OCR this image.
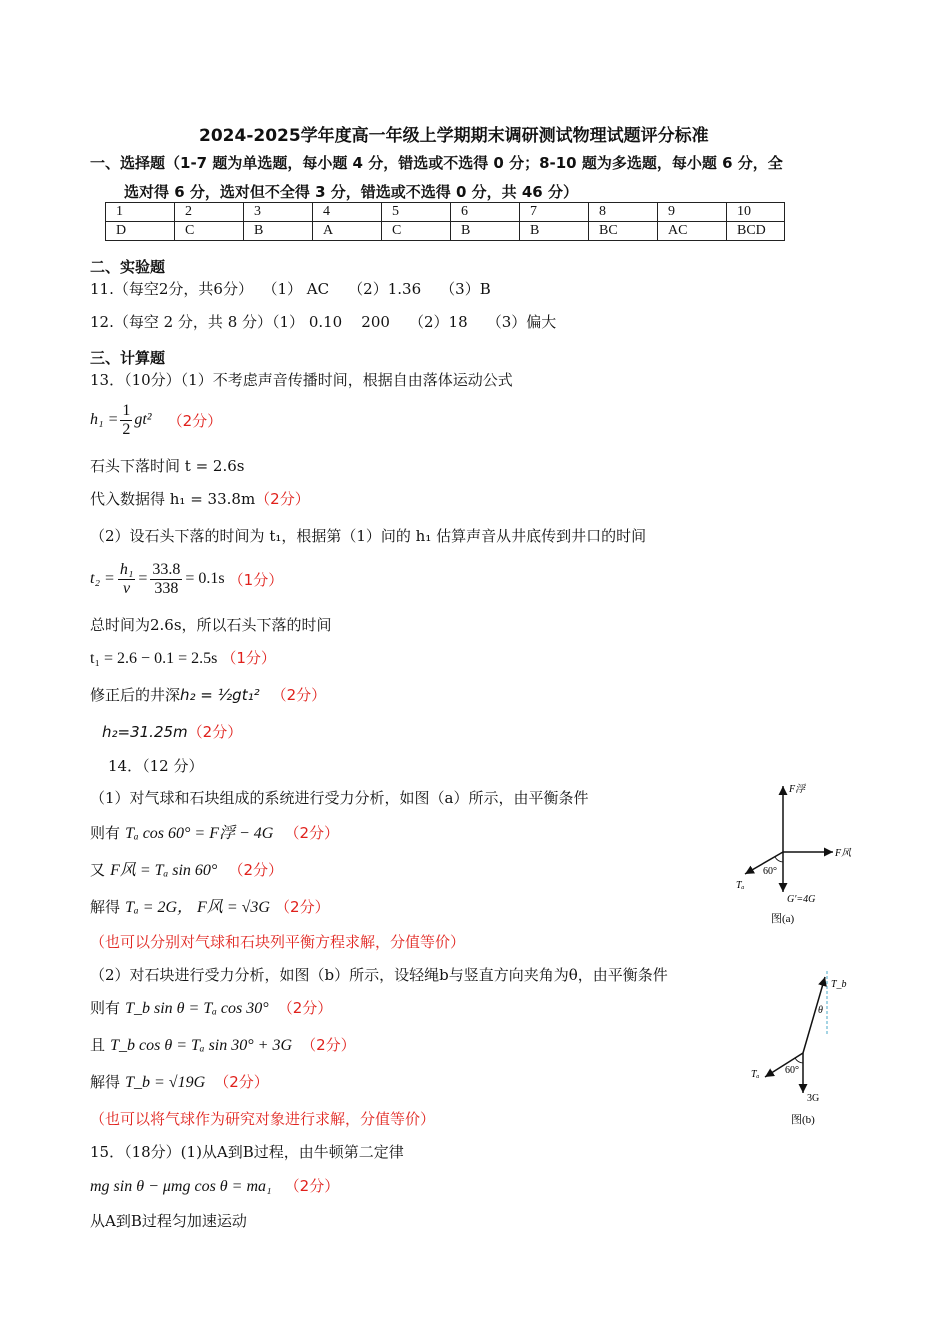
2024-2025学年度高一年级上学期期末调研测试物理试题评分标准
一、选择题（1-7 题为单选题，每小题 4 分，错选或不选得 0 分；8-10 题为多选题，每小题 6 分，全
选对得 6 分，选对但不全得 3 分，错选或不选得 0 分，共 46 分）
1	2	3	4	5	6	7	8	9	10
D	C	B	A	C	B	B	BC	AC	BCD
二、实验题
11.（每空2分，共6分）  （1） AC    （2）1.36    （3）B
12.（每空 2 分，共 8 分）（1） 0.10    200    （2）18    （3）偏大
三、计算题
13．（10分）（1）不考虑声音传播时间，根据自由落体运动公式
$h_1 = \frac{1}{2} gt^2$ （2分）
石头下落时间 t = 2.6s
代入数据得 h₁ = 33.8m（2分）
（2）设石头下落的时间为 t₁，根据第（1）问的 h₁ 估算声音从井底传到井口的时间
$t_2 = \frac{\text{h₁}}{v} = \frac{33.8}{338} = 0.1s$ （1分）
总时间为2.6s，所以石头下落的时间
t₁ = 2.6 − 0.1 = 2.5s （1分）
修正后的井深h₂ = ½gt₁² （2分）
h₂=31.25m（2分）
14．（12 分）
（1）对气球和石块组成的系统进行受力分析，如图（a）所示，由平衡条件
则有 Tₐ cos 60° = F浮 − 4G （2分）
又 F风 = Tₐ sin 60° （2分）
解得 Tₐ = 2G， F风 = √3G （2分）
（也可以分别对气球和石块列平衡方程求解，分值等价）
（2）对石块进行受力分析，如图（b）所示，设轻绳b与竖直方向夹角为θ，由平衡条件
则有 T_b sin θ = Tₐ cos 30° （2分）
且 T_b cos θ = Tₐ sin 30° + 3G （2分）
解得 T_b = √19G （2分）
（也可以将气球作为研究对象进行求解，分值等价）
15．（18分）(1)从A到B过程，由牛顿第二定律
mg sin θ − μmg cos θ = ma₁ （2分）
从A到B过程匀加速运动
F浮
F风
Tₐ
60°
G′=4G
图(a)
T_b
θ
Tₐ	60°
3G
图(b)
